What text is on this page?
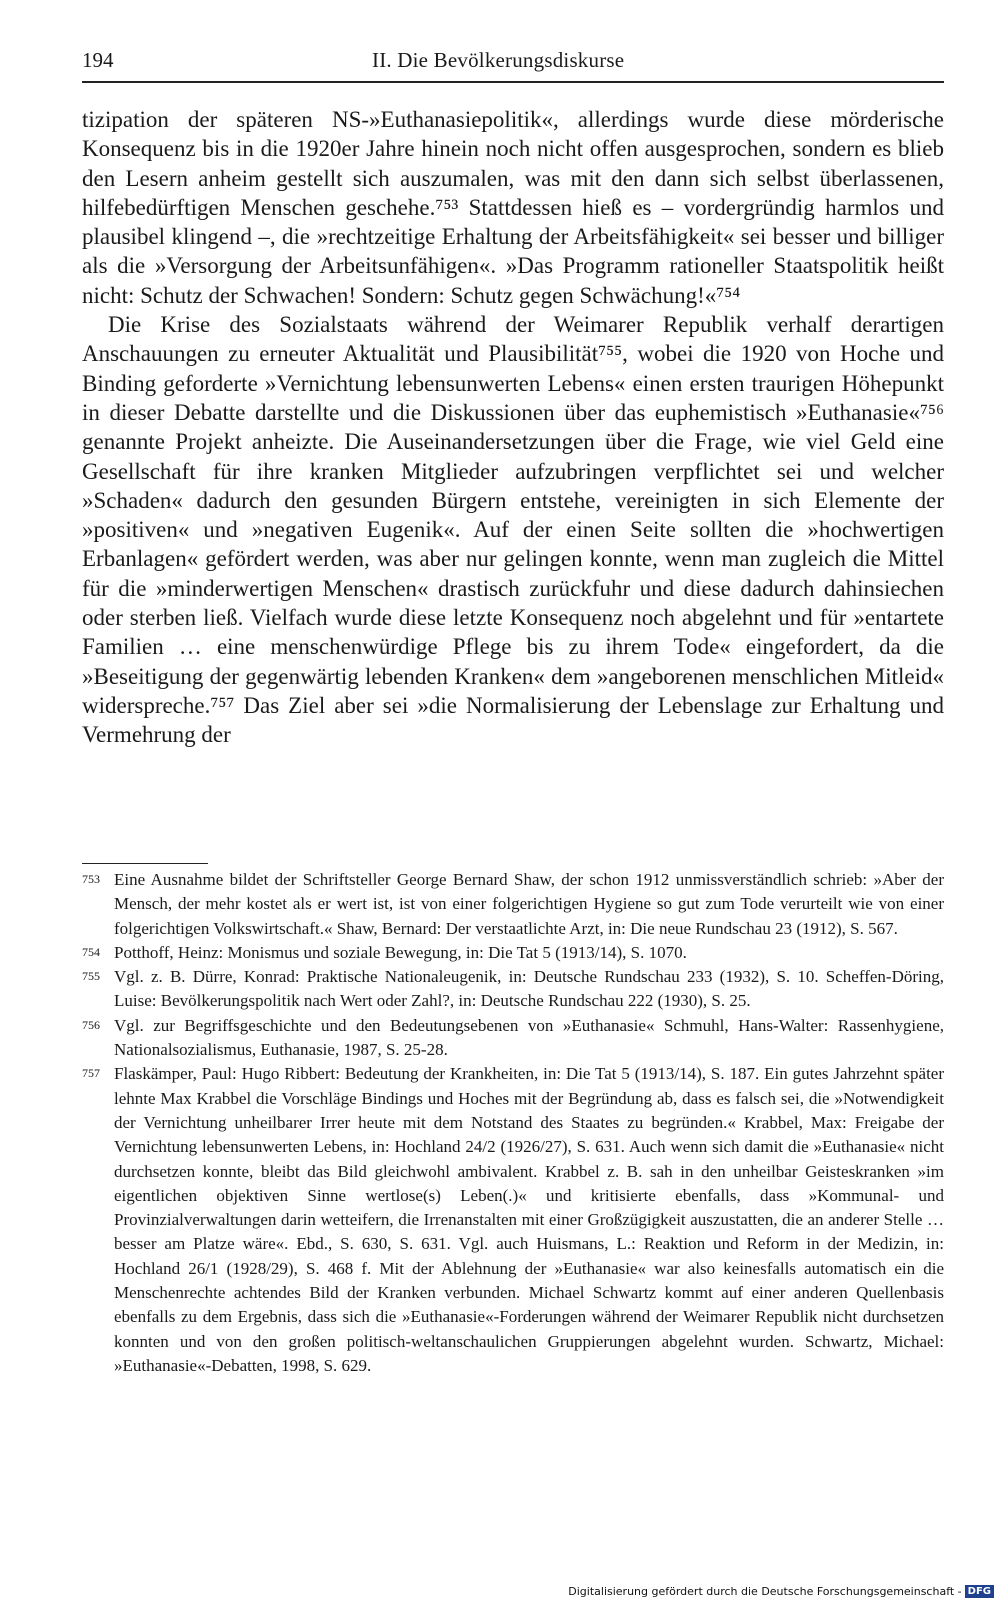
194	II. Die Bevölkerungsdiskurse

tizipation der späteren NS-»Euthanasiepolitik«, allerdings wurde diese mörderische Konsequenz bis in die 1920er Jahre hinein noch nicht offen ausgesprochen, sondern es blieb den Lesern anheim gestellt sich auszumalen, was mit den dann sich selbst überlassenen, hilfebedürftigen Menschen geschehe.⁷⁵³ Stattdessen hieß es – vordergründig harmlos und plausibel klingend –, die »rechtzeitige Erhaltung der Arbeitsfähigkeit« sei besser und billiger als die »Versorgung der Arbeitsunfähigen«. »Das Programm rationeller Staatspolitik heißt nicht: Schutz der Schwachen! Sondern: Schutz gegen Schwächung!«⁷⁵⁴

Die Krise des Sozialstaats während der Weimarer Republik verhalf derartigen Anschauungen zu erneuter Aktualität und Plausibilität⁷⁵⁵, wobei die 1920 von Hoche und Binding geforderte »Vernichtung lebensunwerten Lebens« einen ersten traurigen Höhepunkt in dieser Debatte darstellte und die Diskussionen über das euphemistisch »Euthanasie«⁷⁵⁶ genannte Projekt anheizte. Die Auseinandersetzungen über die Frage, wie viel Geld eine Gesellschaft für ihre kranken Mitglieder aufzubringen verpflichtet sei und welcher »Schaden« dadurch den gesunden Bürgern entstehe, vereinigten in sich Elemente der »positiven« und »negativen Eugenik«. Auf der einen Seite sollten die »hochwertigen Erbanlagen« gefördert werden, was aber nur gelingen konnte, wenn man zugleich die Mittel für die »minderwertigen Menschen« drastisch zurückfuhr und diese dadurch dahinsiechen oder sterben ließ. Vielfach wurde diese letzte Konsequenz noch abgelehnt und für »entartete Familien … eine menschenwürdige Pflege bis zu ihrem Tode« eingefordert, da die »Beseitigung der gegenwärtig lebenden Kranken« dem »angeborenen menschlichen Mitleid« widerspreche.⁷⁵⁷ Das Ziel aber sei »die Normalisierung der Lebenslage zur Erhaltung und Vermehrung der

753 Eine Ausnahme bildet der Schriftsteller George Bernard Shaw, der schon 1912 unmissverständlich schrieb: »Aber der Mensch, der mehr kostet als er wert ist, ist von einer folgerichtigen Hygiene so gut zum Tode verurteilt wie von einer folgerichtigen Volkswirtschaft.« Shaw, Bernard: Der verstaatlichte Arzt, in: Die neue Rundschau 23 (1912), S. 567.
754 Potthoff, Heinz: Monismus und soziale Bewegung, in: Die Tat 5 (1913/14), S. 1070.
755 Vgl. z. B. Dürre, Konrad: Praktische Nationaleugenik, in: Deutsche Rundschau 233 (1932), S. 10. Scheffen-Döring, Luise: Bevölkerungspolitik nach Wert oder Zahl?, in: Deutsche Rundschau 222 (1930), S. 25.
756 Vgl. zur Begriffsgeschichte und den Bedeutungsebenen von »Euthanasie« Schmuhl, Hans-Walter: Rassenhygiene, Nationalsozialismus, Euthanasie, 1987, S. 25-28.
757 Flaskämper, Paul: Hugo Ribbert: Bedeutung der Krankheiten, in: Die Tat 5 (1913/14), S. 187. Ein gutes Jahrzehnt später lehnte Max Krabbel die Vorschläge Bindings und Hoches mit der Begründung ab, dass es falsch sei, die »Notwendigkeit der Vernichtung unheilbarer Irrer heute mit dem Notstand des Staates zu begründen.« Krabbel, Max: Freigabe der Vernichtung lebensunwerten Lebens, in: Hochland 24/2 (1926/27), S. 631. Auch wenn sich damit die »Euthanasie« nicht durchsetzen konnte, bleibt das Bild gleichwohl ambivalent. Krabbel z. B. sah in den unheilbar Geisteskranken »im eigentlichen objektiven Sinne wertlose(s) Leben(.)« und kritisierte ebenfalls, dass »Kommunal- und Provinzialverwaltungen darin wetteifern, die Irrenanstalten mit einer Großzügigkeit auszustatten, die an anderer Stelle … besser am Platze wäre«. Ebd., S. 630, S. 631. Vgl. auch Huismans, L.: Reaktion und Reform in der Medizin, in: Hochland 26/1 (1928/29), S. 468 f. Mit der Ablehnung der »Euthanasie« war also keinesfalls automatisch ein die Menschenrechte achtendes Bild der Kranken verbunden. Michael Schwartz kommt auf einer anderen Quellenbasis ebenfalls zu dem Ergebnis, dass sich die »Euthanasie«-Forderungen während der Weimarer Republik nicht durchsetzen konnten und von den großen politisch-weltanschaulichen Gruppierungen abgelehnt wurden. Schwartz, Michael: »Euthanasie«-Debatten, 1998, S. 629.
Digitalisierung gefördert durch die Deutsche Forschungsgemeinschaft - DFG
